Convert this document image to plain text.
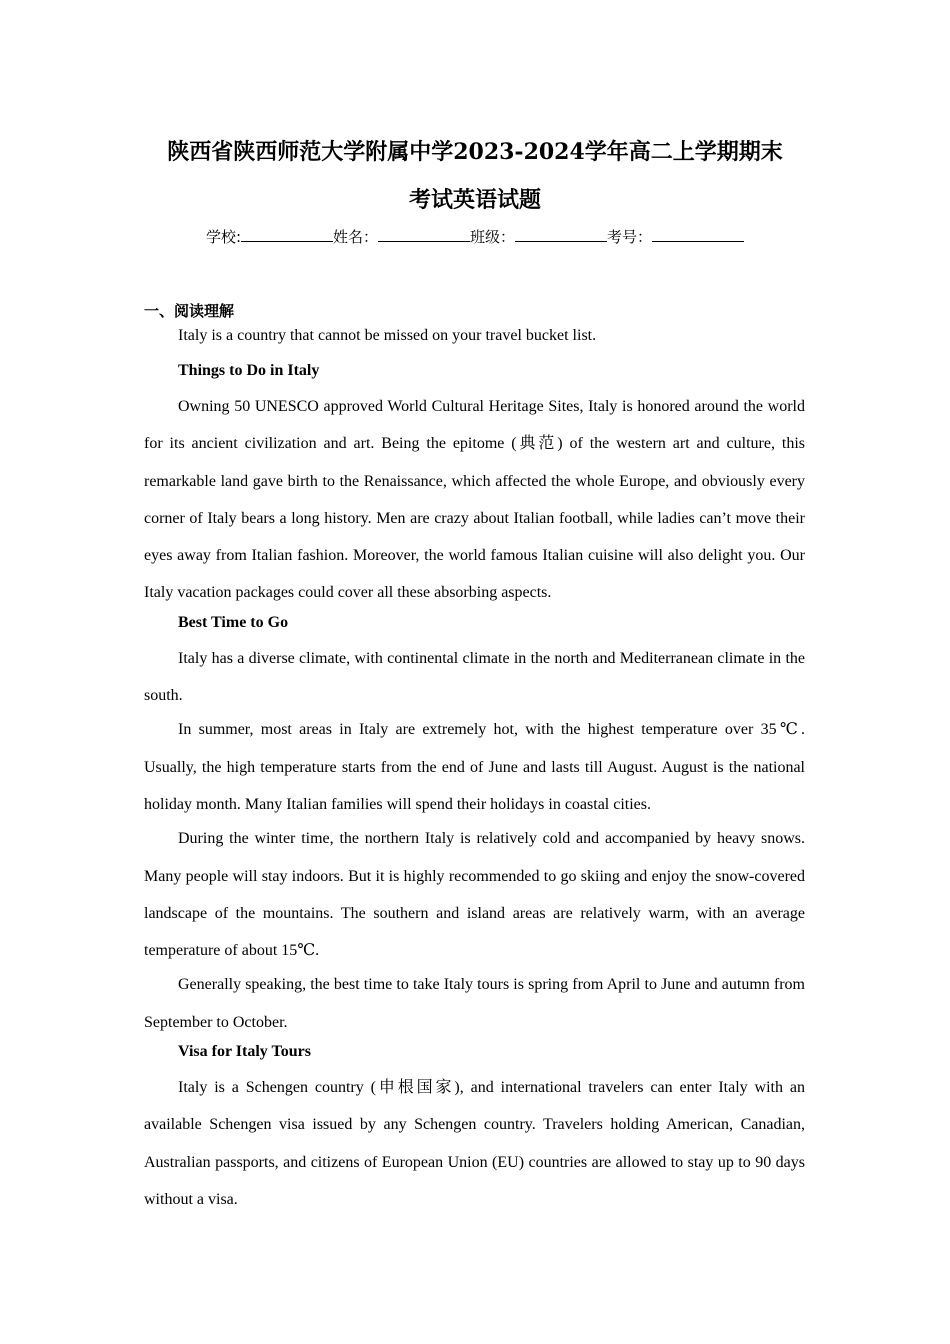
陕西省陕西师范大学附属中学2023-2024学年高二上学期期末
考试英语试题
学校:	姓名：	班级：	考号：
一、阅读理解

Italy is a country that cannot be missed on your travel bucket list.

Things to Do in Italy

Owning 50 UNESCO approved World Cultural Heritage Sites, Italy is honored around the world for its ancient civilization and art. Being the epitome (典范) of the western art and culture, this remarkable land gave birth to the Renaissance, which affected the whole Europe, and obviously every corner of Italy bears a long history. Men are crazy about Italian football, while ladies can’t move their eyes away from Italian fashion. Moreover, the world famous Italian cuisine will also delight you. Our Italy vacation packages could cover all these absorbing aspects.

Best Time to Go

Italy has a diverse climate, with continental climate in the north and Mediterranean climate in the south.

In summer, most areas in Italy are extremely hot, with the highest temperature over 35℃. Usually, the high temperature starts from the end of June and lasts till August. August is the national holiday month. Many Italian families will spend their holidays in coastal cities.

During the winter time, the northern Italy is relatively cold and accompanied by heavy snows. Many people will stay indoors. But it is highly recommended to go skiing and enjoy the snow-covered landscape of the mountains. The southern and island areas are relatively warm, with an average temperature of about 15℃.

Generally speaking, the best time to take Italy tours is spring from April to June and autumn from September to October.

Visa for Italy Tours

Italy is a Schengen country (申根国家), and international travelers can enter Italy with an available Schengen visa issued by any Schengen country. Travelers holding American, Canadian, Australian passports, and citizens of European Union (EU) countries are allowed to stay up to 90 days without a visa.
